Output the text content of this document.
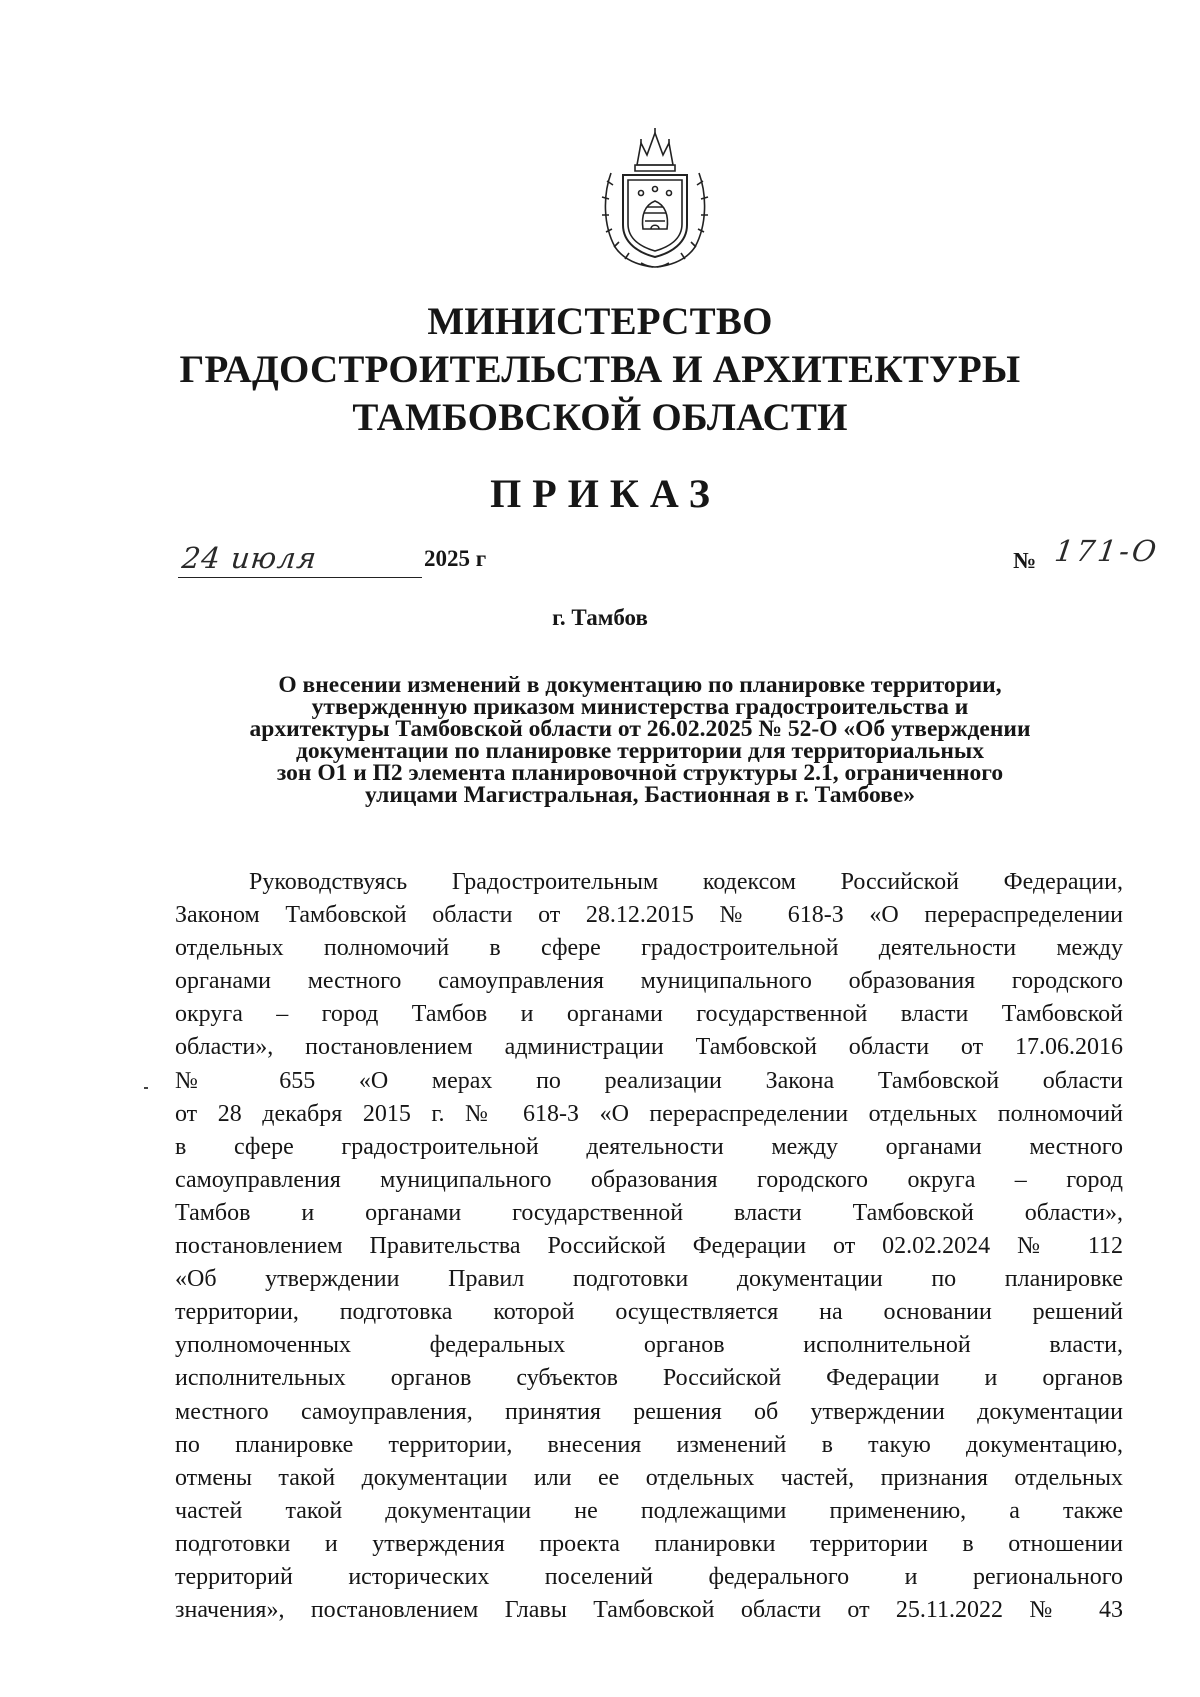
МИНИСТЕРСТВО
ГРАДОСТРОИТЕЛЬСТВА И АРХИТЕКТУРЫ
ТАМБОВСКОЙ ОБЛАСТИ
ПРИКАЗ
24 июля	2025 г	№ 171-О
г. Тамбов
О внесении изменений в документацию по планировке территории,
утвержденную приказом министерства градостроительства и
архитектуры Тамбовской области от 26.02.2025 № 52-О «Об утверждении
документации по планировке территории для территориальных
зон О1 и П2 элемента планировочной структуры 2.1, ограниченного
улицами Магистральная, Бастионная в г. Тамбове»
Руководствуясь Градостроительным кодексом Российской Федерации,
Законом Тамбовской области от 28.12.2015 № 618-З «О перераспределении
отдельных полномочий в сфере градостроительной деятельности между
органами местного самоуправления муниципального образования городского
округа – город Тамбов и органами государственной власти Тамбовской
области», постановлением администрации Тамбовской области от 17.06.2016
№ 655 «О мерах по реализации Закона Тамбовской области
от 28 декабря 2015 г. № 618-З «О перераспределении отдельных полномочий
в сфере градостроительной деятельности между органами местного
самоуправления муниципального образования городского округа – город
Тамбов и органами государственной власти Тамбовской области»,
постановлением Правительства Российской Федерации от 02.02.2024 № 112
«Об утверждении Правил подготовки документации по планировке
территории, подготовка которой осуществляется на основании решений
уполномоченных федеральных органов исполнительной власти,
исполнительных органов субъектов Российской Федерации и органов
местного самоуправления, принятия решения об утверждении документации
по планировке территории, внесения изменений в такую документацию,
отмены такой документации или ее отдельных частей, признания отдельных
частей такой документации не подлежащими применению, а также
подготовки и утверждения проекта планировки территории в отношении
территорий исторических поселений федерального и регионального
значения», постановлением Главы Тамбовской области от 25.11.2022 № 43
